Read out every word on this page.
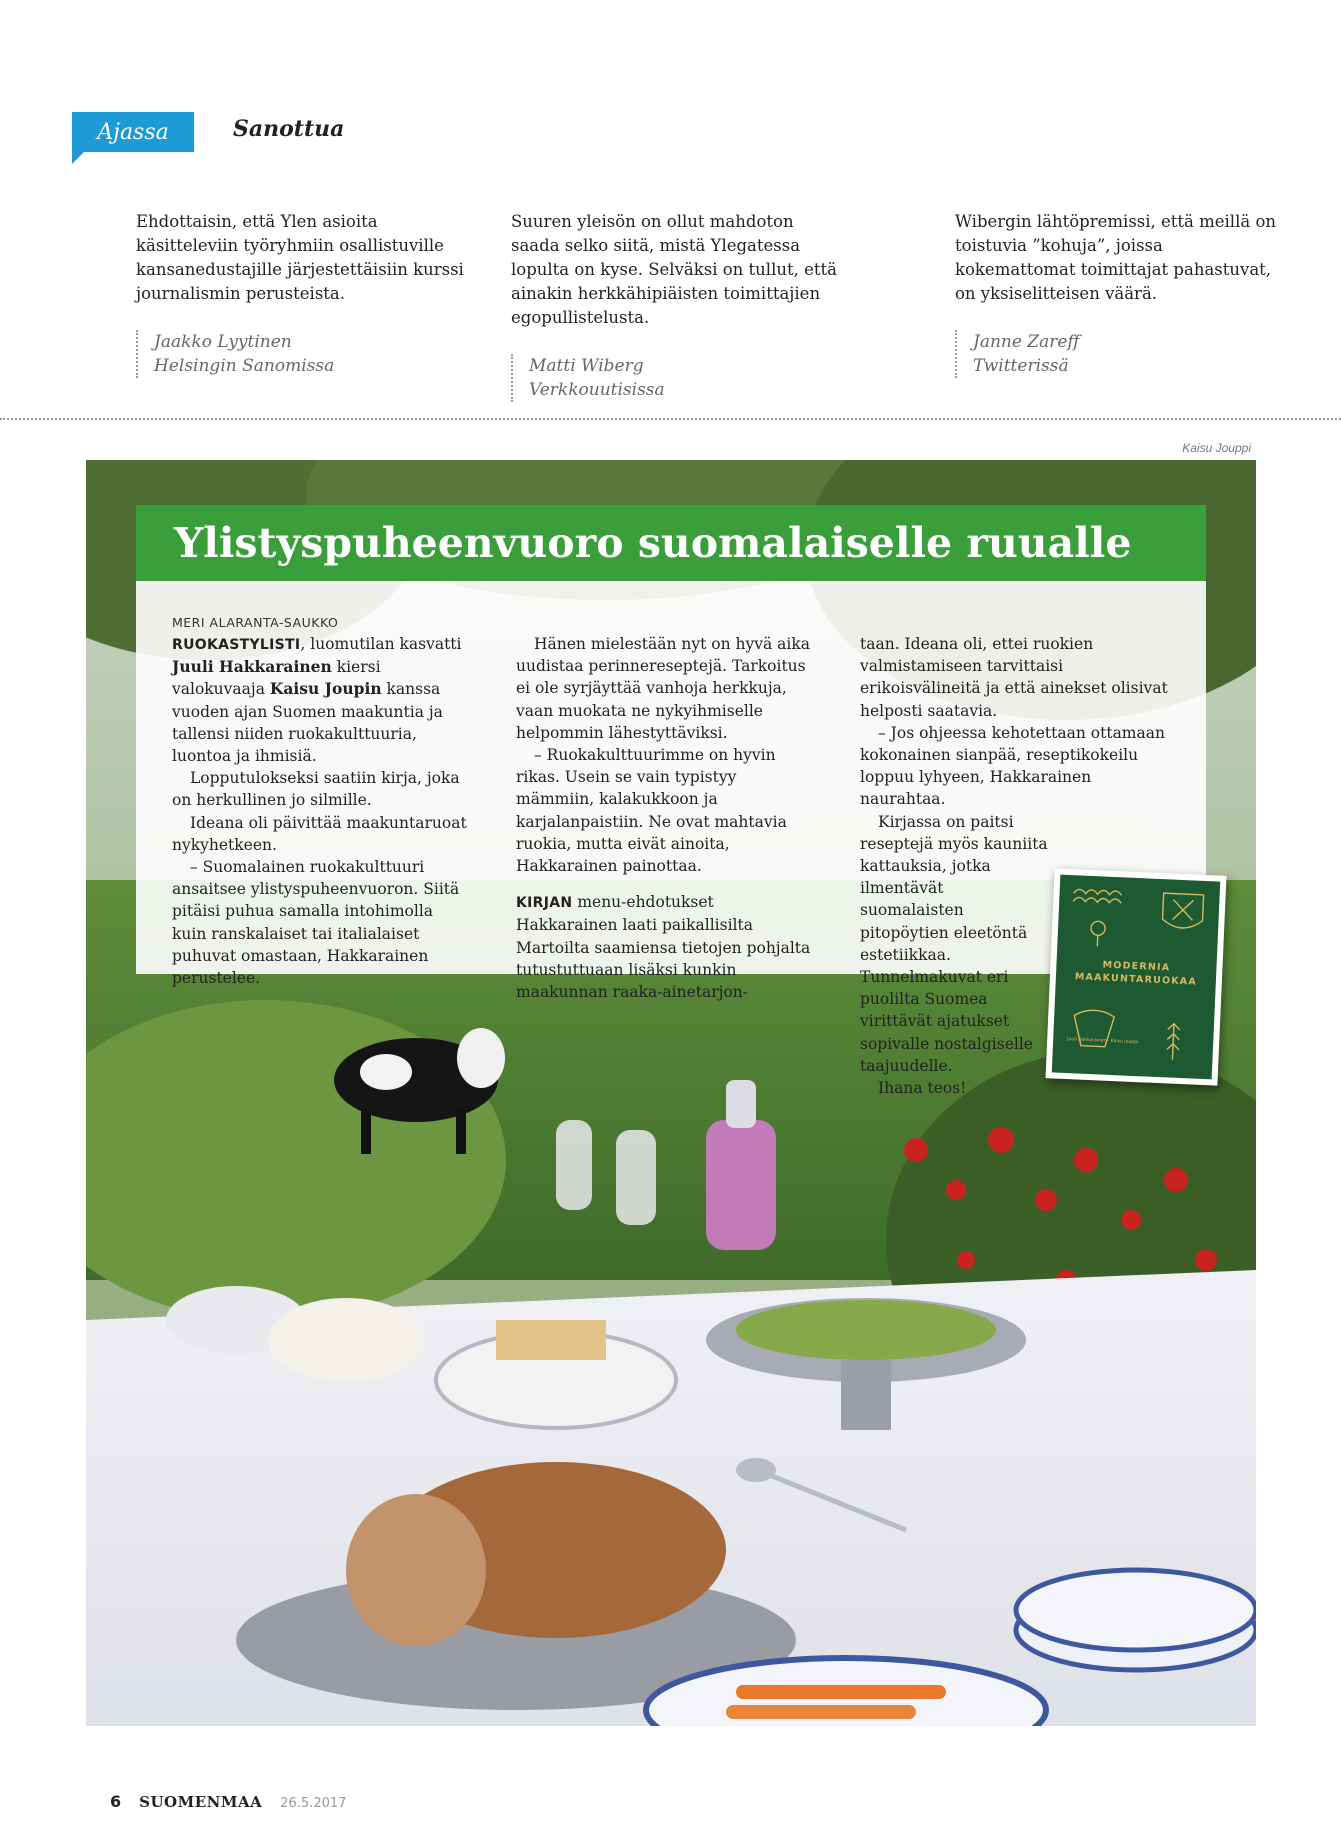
Ajassa	Sanottua

Ehdottaisin, että Ylen asioita käsitteleviin työryhmiin osallistuville kansanedustajille järjestettäisiin kurssi journalismin perusteista.

Jaakko Lyytinen
Helsingin Sanomissa

Suuren yleisön on ollut mahdoton saada selko siitä, mistä Ylegatessa lopulta on kyse. Selväksi on tullut, että ainakin herkkähipiäisten toimittajien egopullistelusta.

Matti Wiberg
Verkkouutisissa

Wibergin lähtöpremissi, että meillä on toistuvia ”kohuja”, joissa kokemattomat toimittajat pahastuvat, on yksiselitteisen väärä.

Janne Zareff
Twitterissä
Kaisu Jouppi
Ylistyspuheenvuoro suomalaiselle ruualle
MERI ALARANTA-SAUKKO

RUOKASTYLISTI, luomutilan kasvatti Juuli Hakkarainen kiersi valokuvaaja Kaisu Joupin kanssa vuoden ajan Suomen maakuntia ja tallensi niiden ruokakulttuuria, luontoa ja ihmisiä.

Lopputulokseksi saatiin kirja, joka on herkullinen jo silmille.

Ideana oli päivittää maakuntaruoat nykyhetkeen.

– Suomalainen ruokakulttuuri ansaitsee ylistyspuheenvuoron. Siitä pitäisi puhua samalla intohimolla kuin ranskalaiset tai italialaiset puhuvat omastaan, Hakkarainen perustelee.

Hänen mielestään nyt on hyvä aika uudistaa perinnereseptejä. Tarkoitus ei ole syrjäyttää vanhoja herkkuja, vaan muokata ne nykyihmiselle helpommin lähestyttäviksi.

– Ruokakulttuurimme on hyvin rikas. Usein se vain typistyy mämmiin, kalakukkoon ja karjalanpaistiin. Ne ovat mahtavia ruokia, mutta eivät ainoita, Hakkarainen painottaa.

KIRJAN menu-ehdotukset Hakkarainen laati paikallisilta Martoilta saamiensa tietojen pohjalta tutustuttuaan lisäksi kunkin maakunnan raaka-ainetarjon-

taan. Ideana oli, ettei ruokien valmistamiseen tarvittaisi erikoisvälineitä ja että ainekset olisivat helposti saatavia.

– Jos ohjeessa kehotettaan ottamaan kokonainen sianpää, reseptikokeilu loppuu lyhyeen, Hakkarainen naurahtaa.

Kirjassa on paitsi reseptejä myös kauniita kattauksia, jotka ilmentävät suomalaisten pitopöytien eleetöntä estetiikkaa. Tunnelmakuvat eri puolilta Suomea virittävät ajatukset sopivalle nostalgiselle taajuudelle.

Ihana teos!

MODERNIA MAAKUNTARUOKAA
Juuli Hakkarainen · Kaisu Jouppi
6 SUOMENMAA 26.5.2017
